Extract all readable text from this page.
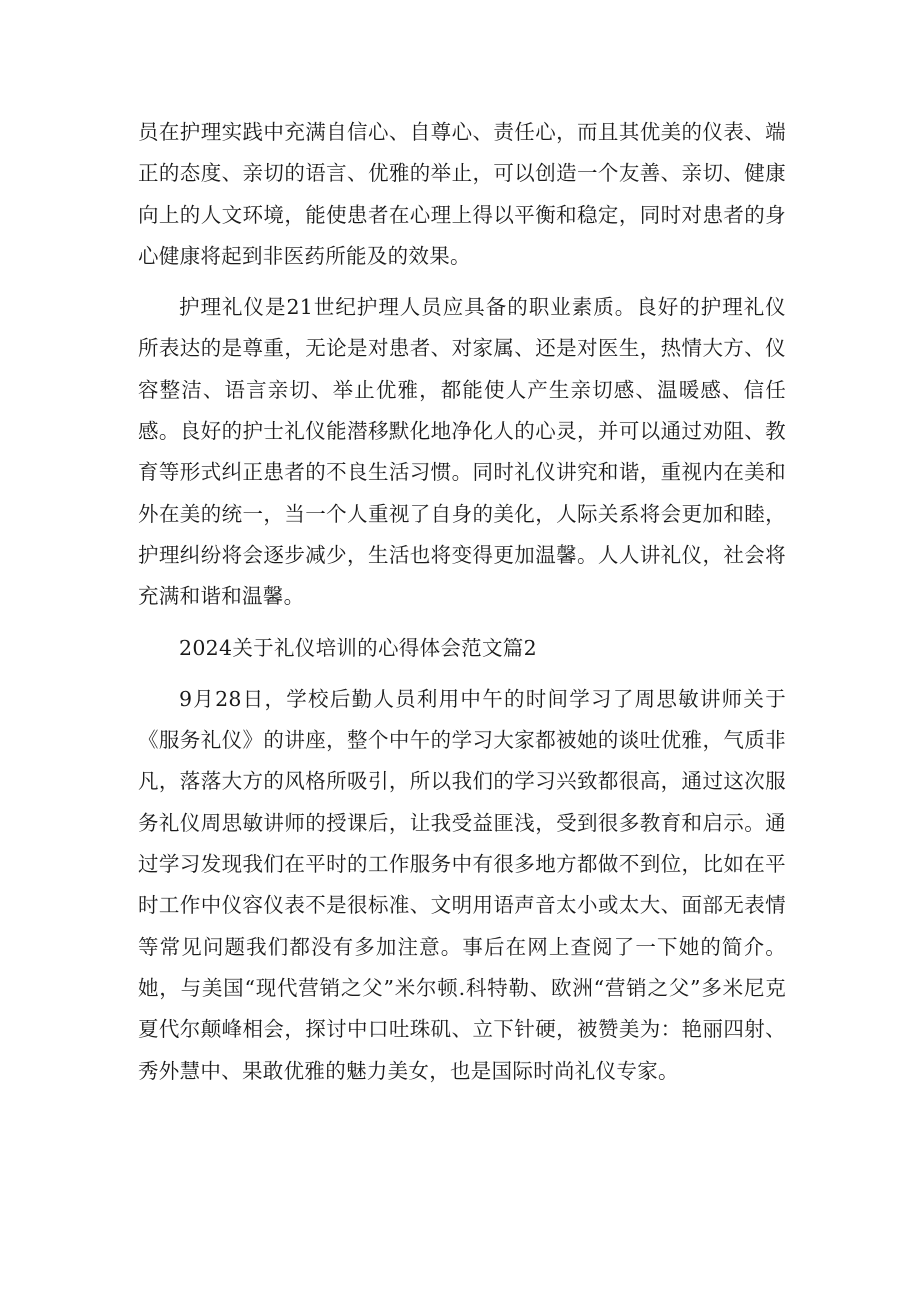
员在护理实践中充满自信心、自尊心、责任心，而且其优美的仪表、端正的态度、亲切的语言、优雅的举止，可以创造一个友善、亲切、健康向上的人文环境，能使患者在心理上得以平衡和稳定，同时对患者的身心健康将起到非医药所能及的效果。

护理礼仪是21世纪护理人员应具备的职业素质。良好的护理礼仪所表达的是尊重，无论是对患者、对家属、还是对医生，热情大方、仪容整洁、语言亲切、举止优雅，都能使人产生亲切感、温暖感、信任感。良好的护士礼仪能潜移默化地净化人的心灵，并可以通过劝阻、教育等形式纠正患者的不良生活习惯。同时礼仪讲究和谐，重视内在美和外在美的统一，当一个人重视了自身的美化，人际关系将会更加和睦，护理纠纷将会逐步减少，生活也将变得更加温馨。人人讲礼仪，社会将充满和谐和温馨。

2024关于礼仪培训的心得体会范文篇2

9月28日，学校后勤人员利用中午的时间学习了周思敏讲师关于《服务礼仪》的讲座，整个中午的学习大家都被她的谈吐优雅，气质非凡，落落大方的风格所吸引，所以我们的学习兴致都很高，通过这次服务礼仪周思敏讲师的授课后，让我受益匪浅，受到很多教育和启示。通过学习发现我们在平时的工作服务中有很多地方都做不到位，比如在平时工作中仪容仪表不是很标准、文明用语声音太小或太大、面部无表情等常见问题我们都没有多加注意。事后在网上查阅了一下她的简介。她，与美国“现代营销之父”米尔顿.科特勒、欧洲“营销之父”多米尼克夏代尔颠峰相会，探讨中口吐珠矶、立下针硬，被赞美为：艳丽四射、秀外慧中、果敢优雅的魅力美女，也是国际时尚礼仪专家。
